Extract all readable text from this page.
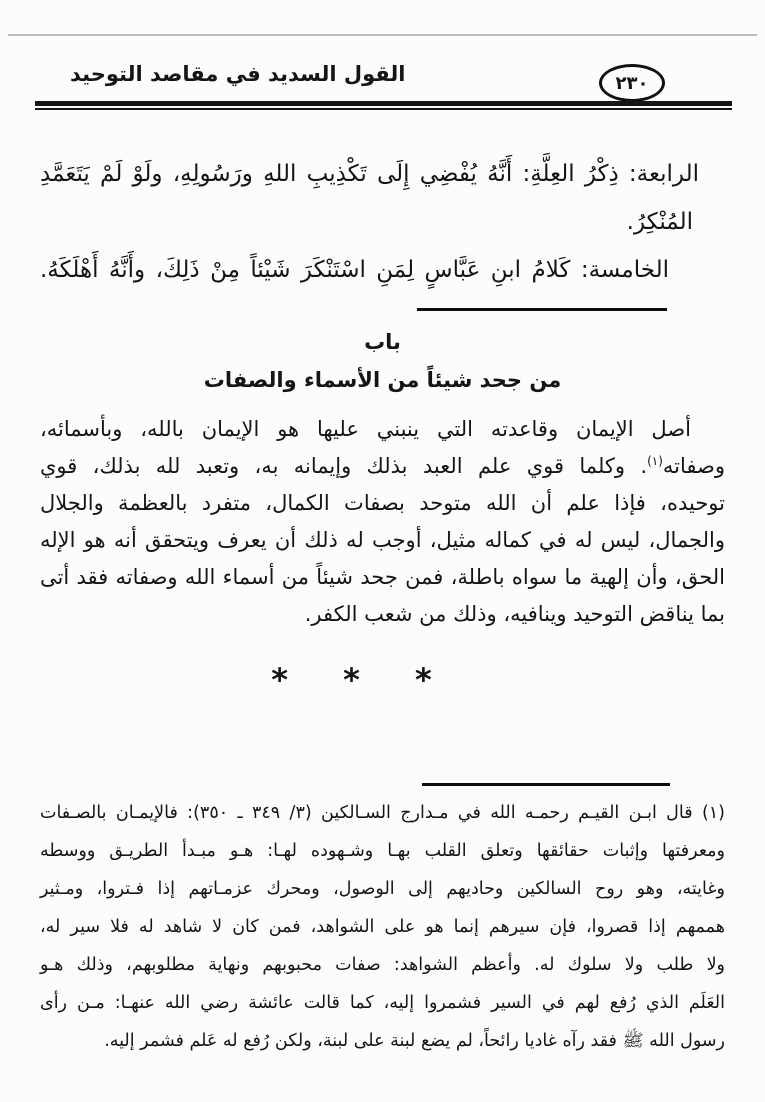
القول السديد في مقاصد التوحيد	٢٣٠
الرابعة: ذِكْرُ العِلَّةِ: أَنَّهُ يُفْضِي إِلَى تَكْذِيبِ اللهِ ورَسُولِهِ، ولَوْ لَمْ يَتَعَمَّدِ
المُنْكِرُ.
الخامسة: كَلامُ ابنِ عَبَّاسٍ لِمَنِ اسْتَنْكَرَ شَيْئاً مِنْ ذَلِكَ، وأَنَّهُ أَهْلَكَهُ.
باب
من جحد شيئاً من الأسماء والصفات
أصل الإيمان وقاعدته التي ينبني عليها هو الإيمان بالله، وبأسمائه،
وصفاته$^{(١)}$. وكلما قوي علم العبد بذلك وإيمانه به، وتعبد لله بذلك، قوي
توحيده، فإذا علم أن الله متوحد بصفات الكمال، متفرد بالعظمة والجلال
والجمال، ليس له في كماله مثيل، أوجب له ذلك أن يعرف ويتحقق أنه هو الإله
الحق، وأن إلهية ما سواه باطلة، فمن جحد شيئاً من أسماء الله وصفاته فقد أتى
بما يناقض التوحيد وينافيه، وذلك من شعب الكفر.
* * *
(١) قال ابـن القيـم رحمـه الله في مـدارج السـالكين (٣/ ٣٤٩ ـ ٣٥٠): فالإيمـان بالصـفات
ومعرفتها وإثبات حقائقها وتعلق القلب بهـا وشـهوده لهـا: هـو مبـدأ الطريـق ووسطه
وغايته، وهو روح السالكين وحاديهم إلى الوصول، ومحرك عزمـاتهم إذا فـتروا، ومـثير
هممهم إذا قصروا، فإن سيرهم إنما هو على الشواهد، فمن كان لا شاهد له فلا سير له،
ولا طلب ولا سلوك له. وأعظم الشواهد: صفات محبوبهم ونهاية مطلوبهم، وذلك هـو
العَلَم الذي رُفع لهم في السير فشمروا إليه، كما قالت عائشة رضي الله عنهـا: مـن رأى
رسول الله ﷺ فقد رآه غاديا رائحاً، لم يضع لبنة على لبنة، ولكن رُفع له عَلم فشمر إليه.
